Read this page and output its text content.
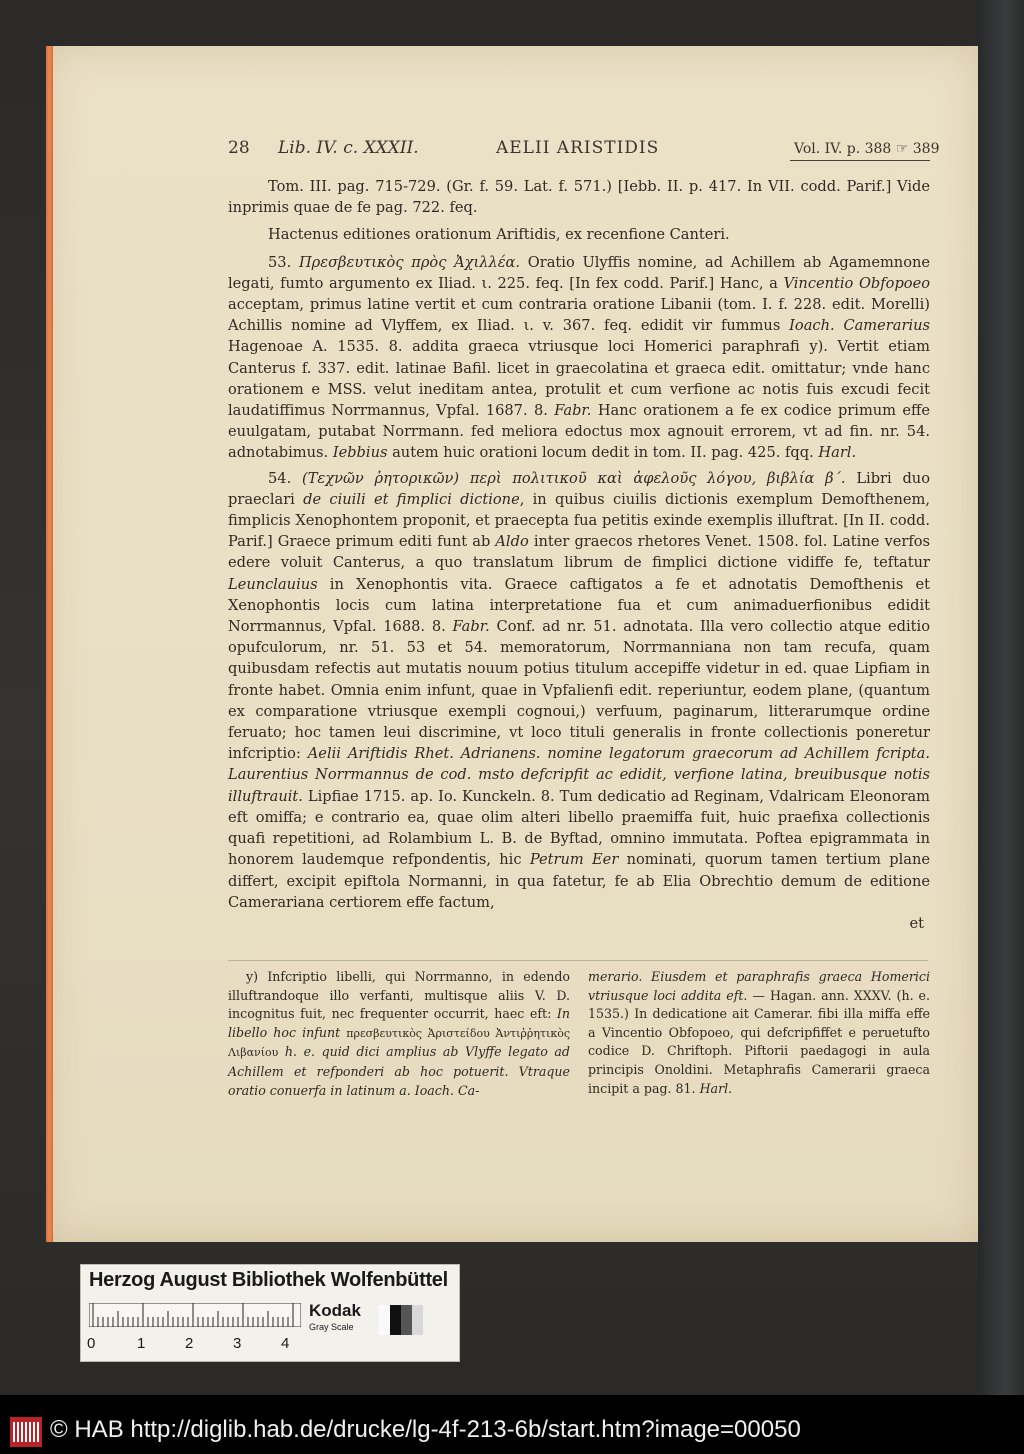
28 Lib. IV. c. XXXII.	AELII ARISTIDIS	Vol. IV. p. 388 ☞ 389

Tom. III. pag. 715-729. (Gr. f. 59. Lat. f. 571.) [Iebb. II. p. 417. In VII. codd. Parif.] Vide inprimis quae de fe pag. 722. feq.

Hactenus editiones orationum Ariftidis, ex recenfione Canteri.

53. Πρεσβευτικὸς πρὸς Ἀχιλλέα. Oratio Ulyffis nomine, ad Achillem ab Agamemnone legati, fumto argumento ex Iliad. ι. 225. feq. [In fex codd. Parif.] Hanc, a Vincentio Obfopoeo acceptam, primus latine vertit et cum contraria oratione Libanii (tom. I. f. 228. edit. Morelli) Achillis nomine ad Vlyffem, ex Iliad. ι. v. 367. feq. edidit vir fummus Ioach. Camerarius Hagenoae A. 1535. 8. addita graeca vtriusque loci Homerici paraphrafi y). Vertit etiam Canterus f. 337. edit. latinae Bafil. licet in graecolatina et graeca edit. omittatur; vnde hanc orationem e MSS. velut ineditam antea, protulit et cum verfione ac notis fuis excudi fecit laudatiffimus Norrmannus, Vpfal. 1687. 8. Fabr. Hanc orationem a fe ex codice primum effe euulgatam, putabat Norrmann. fed meliora edoctus mox agnouit errorem, vt ad fin. nr. 54. adnotabimus. Iebbius autem huic orationi locum dedit in tom. II. pag. 425. fqq. Harl.

54. (Τεχνῶν ῥητορικῶν) περὶ πολιτικοῦ καὶ ἀφελοῦς λόγου, βιβλία β΄. Libri duo praeclari de ciuili et fimplici dictione, in quibus ciuilis dictionis exemplum Demofthenem, fimplicis Xenophontem proponit, et praecepta fua petitis exinde exemplis illuftrat. [In II. codd. Parif.] Graece primum editi funt ab Aldo inter graecos rhetores Venet. 1508. fol. Latine verfos edere voluit Canterus, a quo translatum librum de fimplici dictione vidiffe fe, teftatur Leunclauius in Xenophontis vita. Graece caftigatos a fe et adnotatis Demofthenis et Xenophontis locis cum latina interpretatione fua et cum animaduerfionibus edidit Norrmannus, Vpfal. 1688. 8. Fabr. Conf. ad nr. 51. adnotata. Illa vero collectio atque editio opufculorum, nr. 51. 53 et 54. memoratorum, Norrmanniana non tam recufa, quam quibusdam refectis aut mutatis nouum potius titulum accepiffe videtur in ed. quae Lipfiam in fronte habet. Omnia enim infunt, quae in Vpfalienfi edit. reperiuntur, eodem plane, (quantum ex comparatione vtriusque exempli cognoui,) verfuum, paginarum, litterarumque ordine feruato; hoc tamen leui discrimine, vt loco tituli generalis in fronte collectionis poneretur infcriptio: Aelii Ariftidis Rhet. Adrianens. nomine legatorum graecorum ad Achillem fcripta. Laurentius Norrmannus de cod. msto defcripfit ac edidit, verfione latina, breuibusque notis illuftrauit. Lipfiae 1715. ap. Io. Kunckeln. 8. Tum dedicatio ad Reginam, Vdalricam Eleonoram eft omiffa; e contrario ea, quae olim alteri libello praemiffa fuit, huic praefixa collectionis quafi repetitioni, ad Rolambium L. B. de Byftad, omnino immutata. Poftea epigrammata in honorem laudemque refpondentis, hic Petrum Eer nominati, quorum tamen tertium plane differt, excipit epiftola Normanni, in qua fatetur, fe ab Elia Obrechtio demum de editione Camerariana certiorem effe factum,

et

y) Infcriptio libelli, qui Norrmanno, in edendo illuftrandoque illo verfanti, multisque aliis V. D. incognitus fuit, nec frequenter occurrit, haec eft: In libello hoc infunt πρεσβευτικὸς Ἀριστείδου Ἀντιῤῥητικὸς Λιβανίου h. e. quid dici amplius ab Vlyffe legato ad Achillem et refponderi ab hoc potuerit. Vtraque oratio conuerfa in latinum a. Ioach. Ca-

merario. Eiusdem et paraphrafis graeca Homerici vtriusque loci addita eft. — Hagan. ann. XXXV. (h. e. 1535.) In dedicatione ait Camerar. fibi illa miffa effe a Vincentio Obfopoeo, qui defcripfiffet e peruetufto codice D. Chriftoph. Piftorii paedagogi in aula principis Onoldini. Metaphrafis Camerarii graeca incipit a pag. 81. Harl.

Herzog August Bibliothek Wolfenbüttel
0	1	2	3	4
Kodak
Gray Scale
© HAB http://diglib.hab.de/drucke/lg-4f-213-6b/start.htm?image=00050
